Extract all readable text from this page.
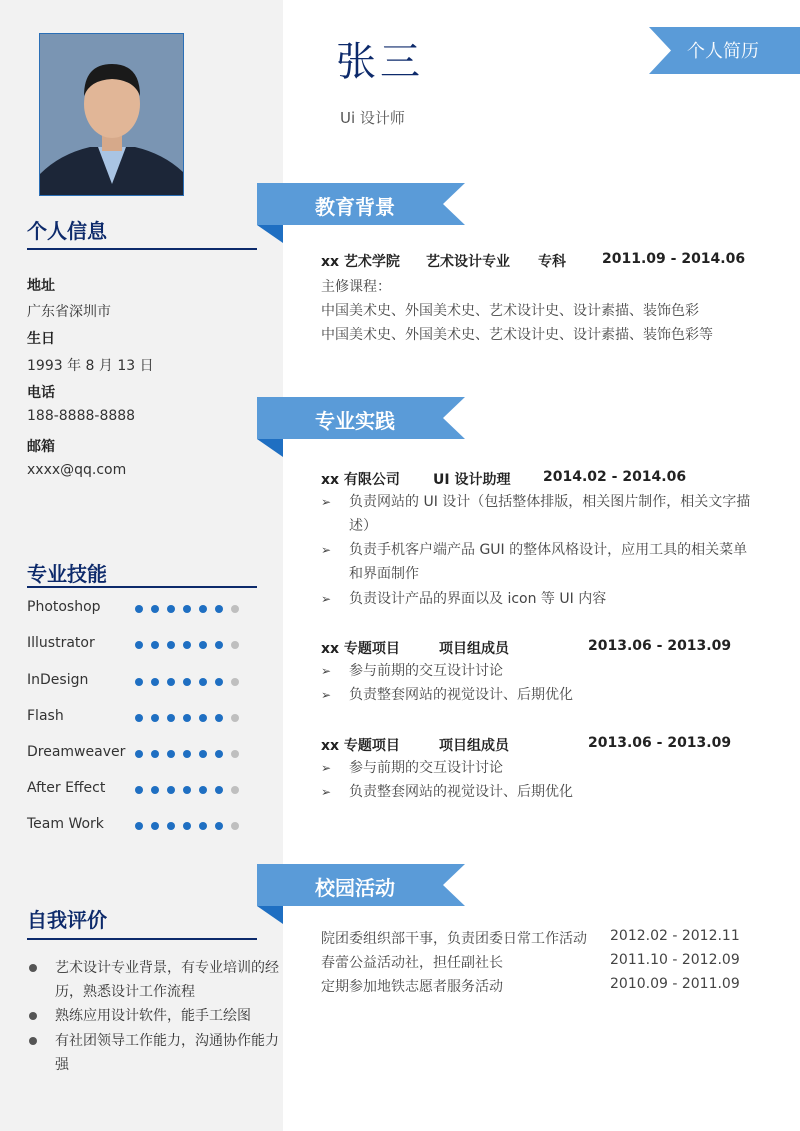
个人信息
地址
广东省深圳市
生日
1993 年 8 月 13 日
电话
188-8888-8888
邮箱
xxxx@qq.com
专业技能
Photoshop
Illustrator
InDesign
Flash
Dreamweaver
After Effect
Team Work
自我评价
艺术设计专业背景，有专业培训的经历，熟悉设计工作流程
熟练应用设计软件，能手工绘图
有社团领导工作能力，沟通协作能力强
张三
Ui 设计师
个人简历
教育背景
xx 艺术学院 艺术设计专业 专科	2011.09 - 2014.06
主修课程：
中国美术史、外国美术史、艺术设计史、设计素描、装饰色彩
中国美术史、外国美术史、艺术设计史、设计素描、装饰色彩等
专业实践
xx 有限公司 UI 设计助理 2014.02 - 2014.06
➢	负责网站的 UI 设计（包括整体排版，相关图片制作，相关文字描述）
➢	负责手机客户端产品 GUI 的整体风格设计，应用工具的相关菜单和界面制作
➢	负责设计产品的界面以及 icon 等 UI 内容
xx 专题项目	项目组成员	2013.06 - 2013.09
➢	参与前期的交互设计讨论
➢	负责整套网站的视觉设计、后期优化
xx 专题项目	项目组成员	2013.06 - 2013.09
➢	参与前期的交互设计讨论
➢	负责整套网站的视觉设计、后期优化
校园活动
院团委组织部干事，负责团委日常工作活动 2012.02 - 2012.11
春蕾公益活动社，担任副社长	2011.10 - 2012.09
定期参加地铁志愿者服务活动	2010.09 - 2011.09
